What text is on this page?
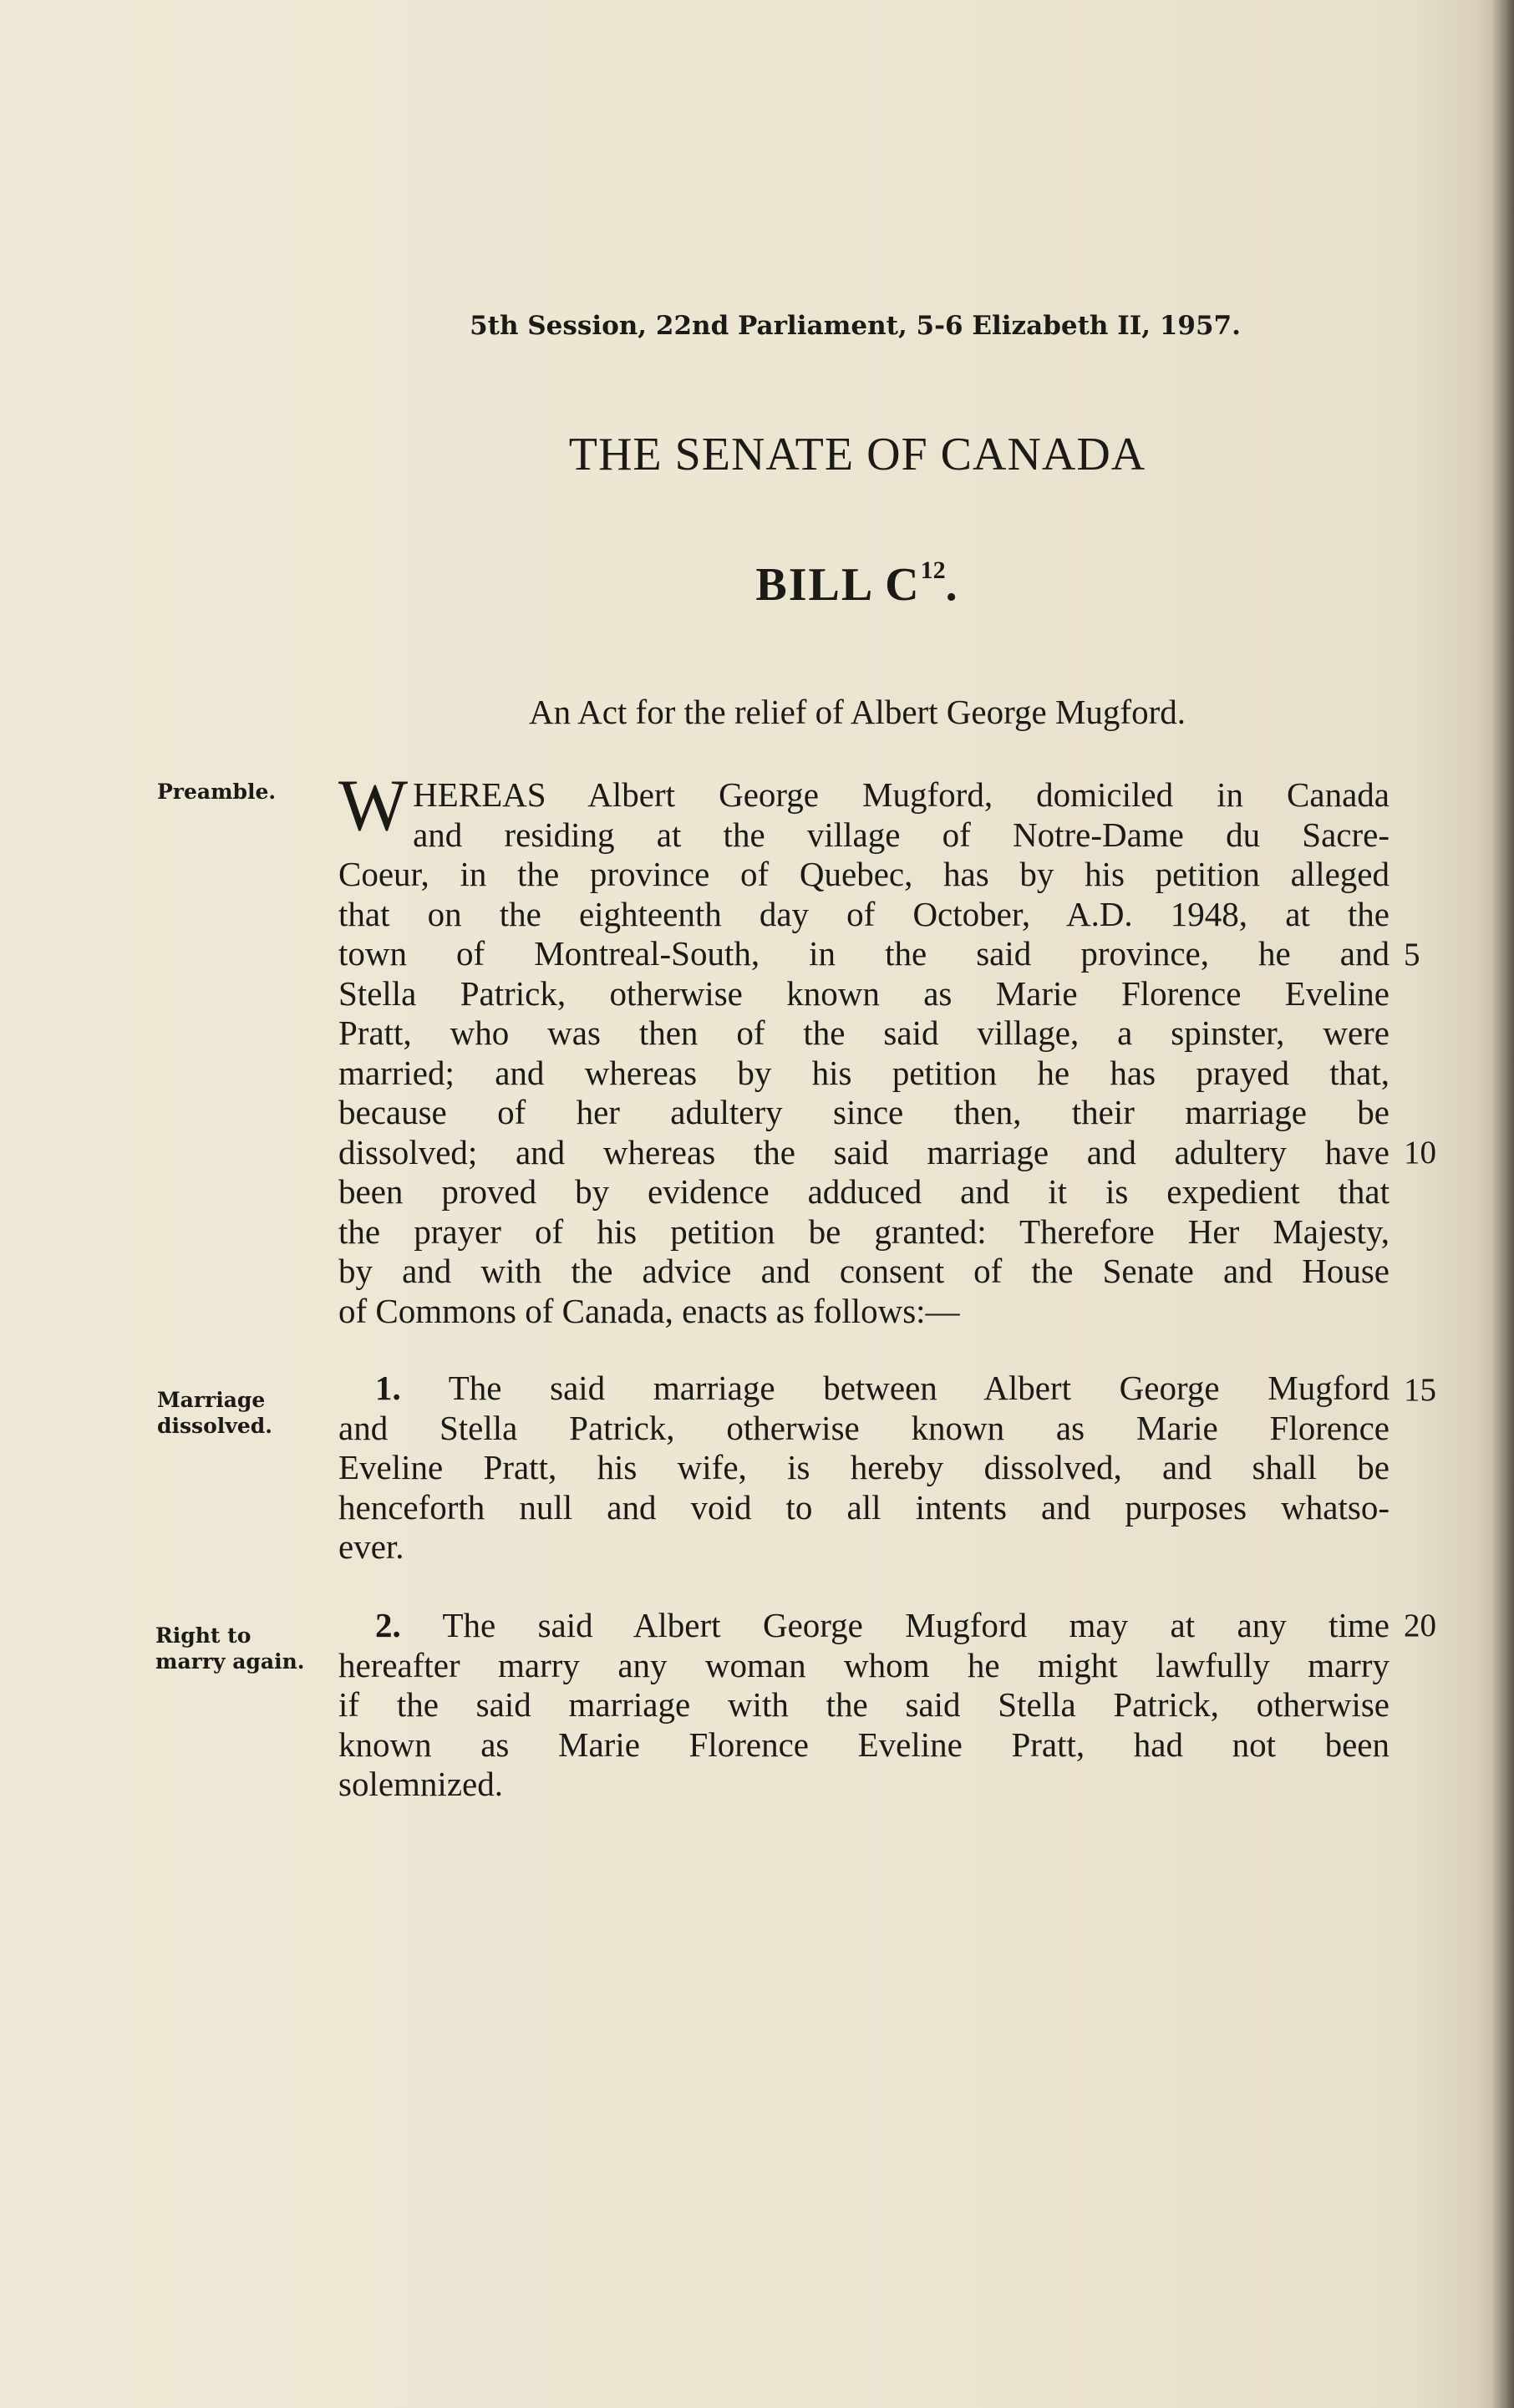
5th Session, 22nd Parliament, 5-6 Elizabeth II, 1957.
THE SENATE OF CANADA
BILL $C^{12}$.
An Act for the relief of Albert George Mugford.
Preamble.
Marriage
dissolved.
Right to
marry again.
W HEREAS Albert George Mugford, domiciled in Canada
and residing at the village of Notre-Dame du Sacre-
Coeur, in the province of Quebec, has by his petition alleged
that on the eighteenth day of October, A.D. 1948, at the
town of Montreal-South, in the said province, he and
Stella Patrick, otherwise known as Marie Florence Eveline
Pratt, who was then of the said village, a spinster, were
married; and whereas by his petition he has prayed that,
because of her adultery since then, their marriage be
dissolved; and whereas the said marriage and adultery have
been proved by evidence adduced and it is expedient that
the prayer of his petition be granted: Therefore Her Majesty,
by and with the advice and consent of the Senate and House
of Commons of Canada, enacts as follows:—
1. The said marriage between Albert George Mugford
and Stella Patrick, otherwise known as Marie Florence
Eveline Pratt, his wife, is hereby dissolved, and shall be
henceforth null and void to all intents and purposes whatso-
ever.
2. The said Albert George Mugford may at any time
hereafter marry any woman whom he might lawfully marry
if the said marriage with the said Stella Patrick, otherwise
known as Marie Florence Eveline Pratt, had not been
solemnized.
5
10
15
20
